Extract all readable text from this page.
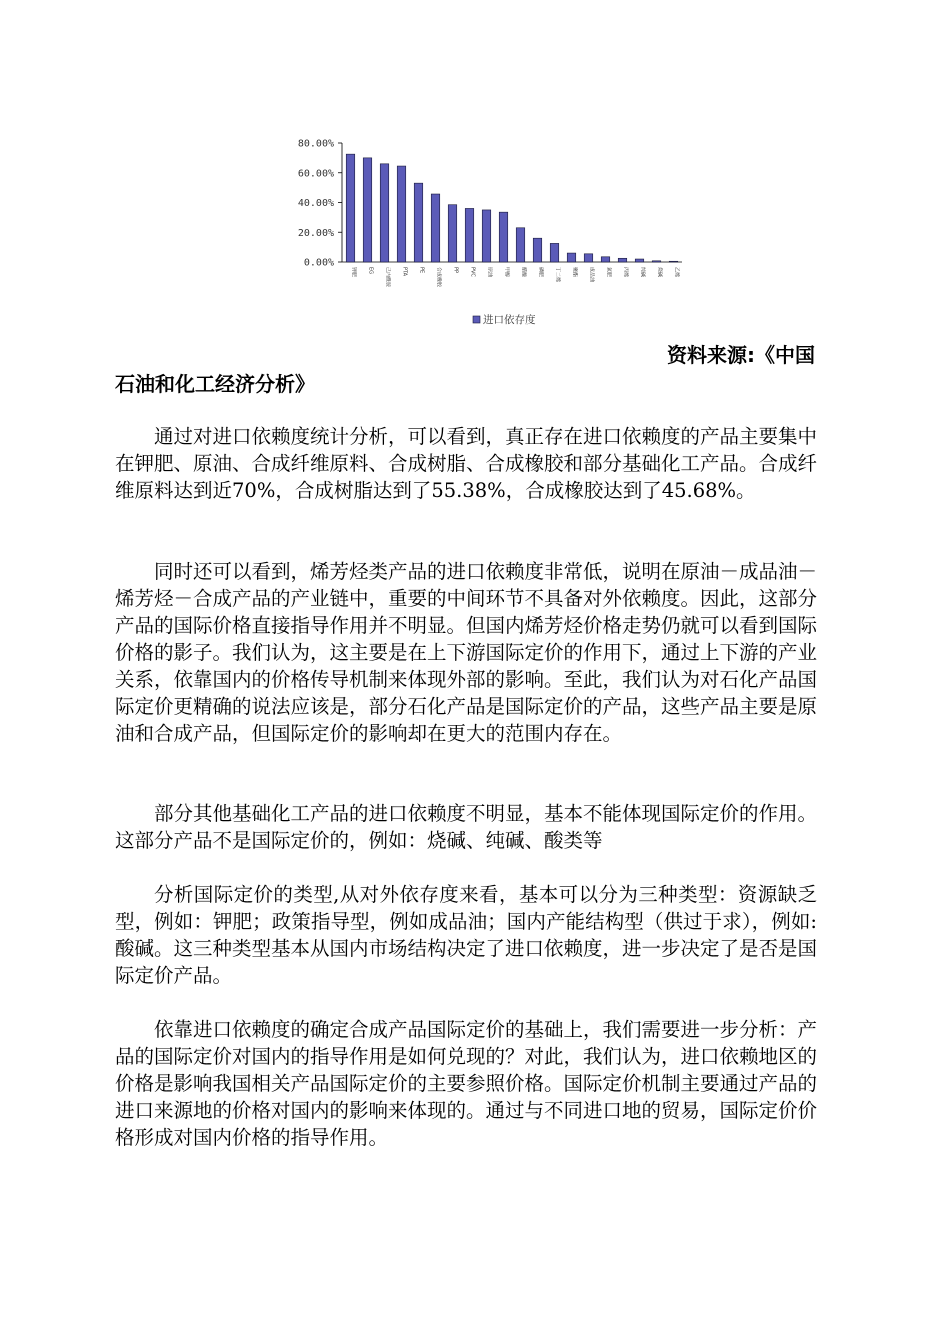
0.00%
20.00%
40.00%
60.00%
80.00%
钾肥 EG 己内酰胺 PTA PE 合成橡胶 PP PVC 原油 甲醇 醋酸 磷肥 丁二烯 聚酯 成品油 氮肥 丙烯 纯碱 烧碱 乙烯
进口依存度
资料来源:《中国
石油和化工经济分析》

通过对进口依赖度统计分析，可以看到，真正存在进口依赖度的产品主要集中在钾肥、原油、合成纤维原料、合成树脂、合成橡胶和部分基础化工产品。合成纤维原料达到近70%，合成树脂达到了55.38%，合成橡胶达到了45.68%。

同时还可以看到，烯芳烃类产品的进口依赖度非常低，说明在原油－成品油－烯芳烃－合成产品的产业链中，重要的中间环节不具备对外依赖度。因此，这部分产品的国际价格直接指导作用并不明显。但国内烯芳烃价格走势仍就可以看到国际价格的影子。我们认为，这主要是在上下游国际定价的作用下，通过上下游的产业关系，依靠国内的价格传导机制来体现外部的影响。至此，我们认为对石化产品国际定价更精确的说法应该是，部分石化产品是国际定价的产品，这些产品主要是原油和合成产品，但国际定价的影响却在更大的范围内存在。

部分其他基础化工产品的进口依赖度不明显，基本不能体现国际定价的作用。这部分产品不是国际定价的，例如：烧碱、纯碱、酸类等

分析国际定价的类型,从对外依存度来看，基本可以分为三种类型：资源缺乏型，例如：钾肥；政策指导型，例如成品油；国内产能结构型（供过于求），例如:酸碱。这三种类型基本从国内市场结构决定了进口依赖度，进一步决定了是否是国际定价产品。

依靠进口依赖度的确定合成产品国际定价的基础上，我们需要进一步分析：产品的国际定价对国内的指导作用是如何兑现的？对此，我们认为，进口依赖地区的价格是影响我国相关产品国际定价的主要参照价格。国际定价机制主要通过产品的进口来源地的价格对国内的影响来体现的。通过与不同进口地的贸易，国际定价价格形成对国内价格的指导作用。
